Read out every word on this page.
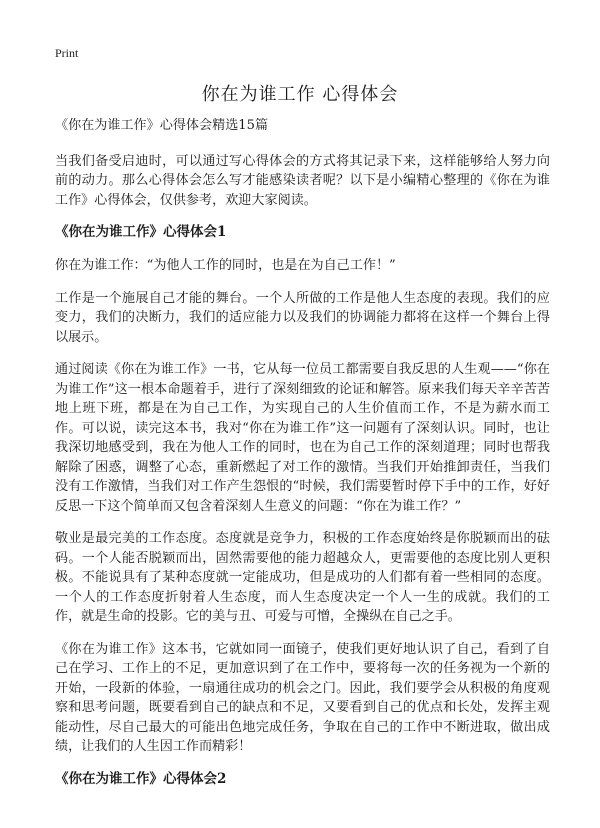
Print
你在为谁工作 心得体会

《你在为谁工作》心得体会精选15篇

当我们备受启迪时，可以通过写心得体会的方式将其记录下来，这样能够给人努力向前的动力。那么心得体会怎么写才能感染读者呢？以下是小编精心整理的《你在为谁工作》心得体会，仅供参考，欢迎大家阅读。

《你在为谁工作》心得体会1

你在为谁工作：“为他人工作的同时，也是在为自己工作！”

工作是一个施展自己才能的舞台。一个人所做的工作是他人生态度的表现。我们的应变力，我们的决断力，我们的适应能力以及我们的协调能力都将在这样一个舞台上得以展示。

通过阅读《你在为谁工作》一书，它从每一位员工都需要自我反思的人生观——“你在为谁工作”这一根本命题着手，进行了深刻细致的论证和解答。原来我们每天辛辛苦苦地上班下班，都是在为自己工作，为实现自己的人生价值而工作，不是为薪水而工作。可以说，读完这本书，我对“你在为谁工作”这一问题有了深刻认识。同时，也让我深切地感受到，我在为他人工作的同时，也在为自己工作的深刻道理；同时也帮我解除了困惑，调整了心态，重新燃起了对工作的激情。当我们开始推卸责任，当我们没有工作激情，当我们对工作产生怨恨的“时候，我们需要暂时停下手中的工作，好好反思一下这个简单而又包含着深刻人生意义的问题：“你在为谁工作？”

敬业是最完美的工作态度。态度就是竞争力，积极的工作态度始终是你脱颖而出的砝码。一个人能否脱颖而出，固然需要他的能力超越众人，更需要他的态度比别人更积极。不能说具有了某种态度就一定能成功，但是成功的人们都有着一些相同的态度。一个人的工作态度折射着人生态度，而人生态度决定一个人一生的成就。我们的工作，就是生命的投影。它的美与丑、可爱与可憎，全操纵在自己之手。

《你在为谁工作》这本书，它就如同一面镜子，使我们更好地认识了自己，看到了自己在学习、工作上的不足，更加意识到了在工作中，要将每一次的任务视为一个新的开始，一段新的体验，一扇通往成功的机会之门。因此，我们要学会从积极的角度观察和思考问题，既要看到自己的缺点和不足，又要看到自己的优点和长处，发挥主观能动性，尽自己最大的可能出色地完成任务，争取在自己的工作中不断进取，做出成绩，让我们的人生因工作而精彩！

《你在为谁工作》心得体会2
